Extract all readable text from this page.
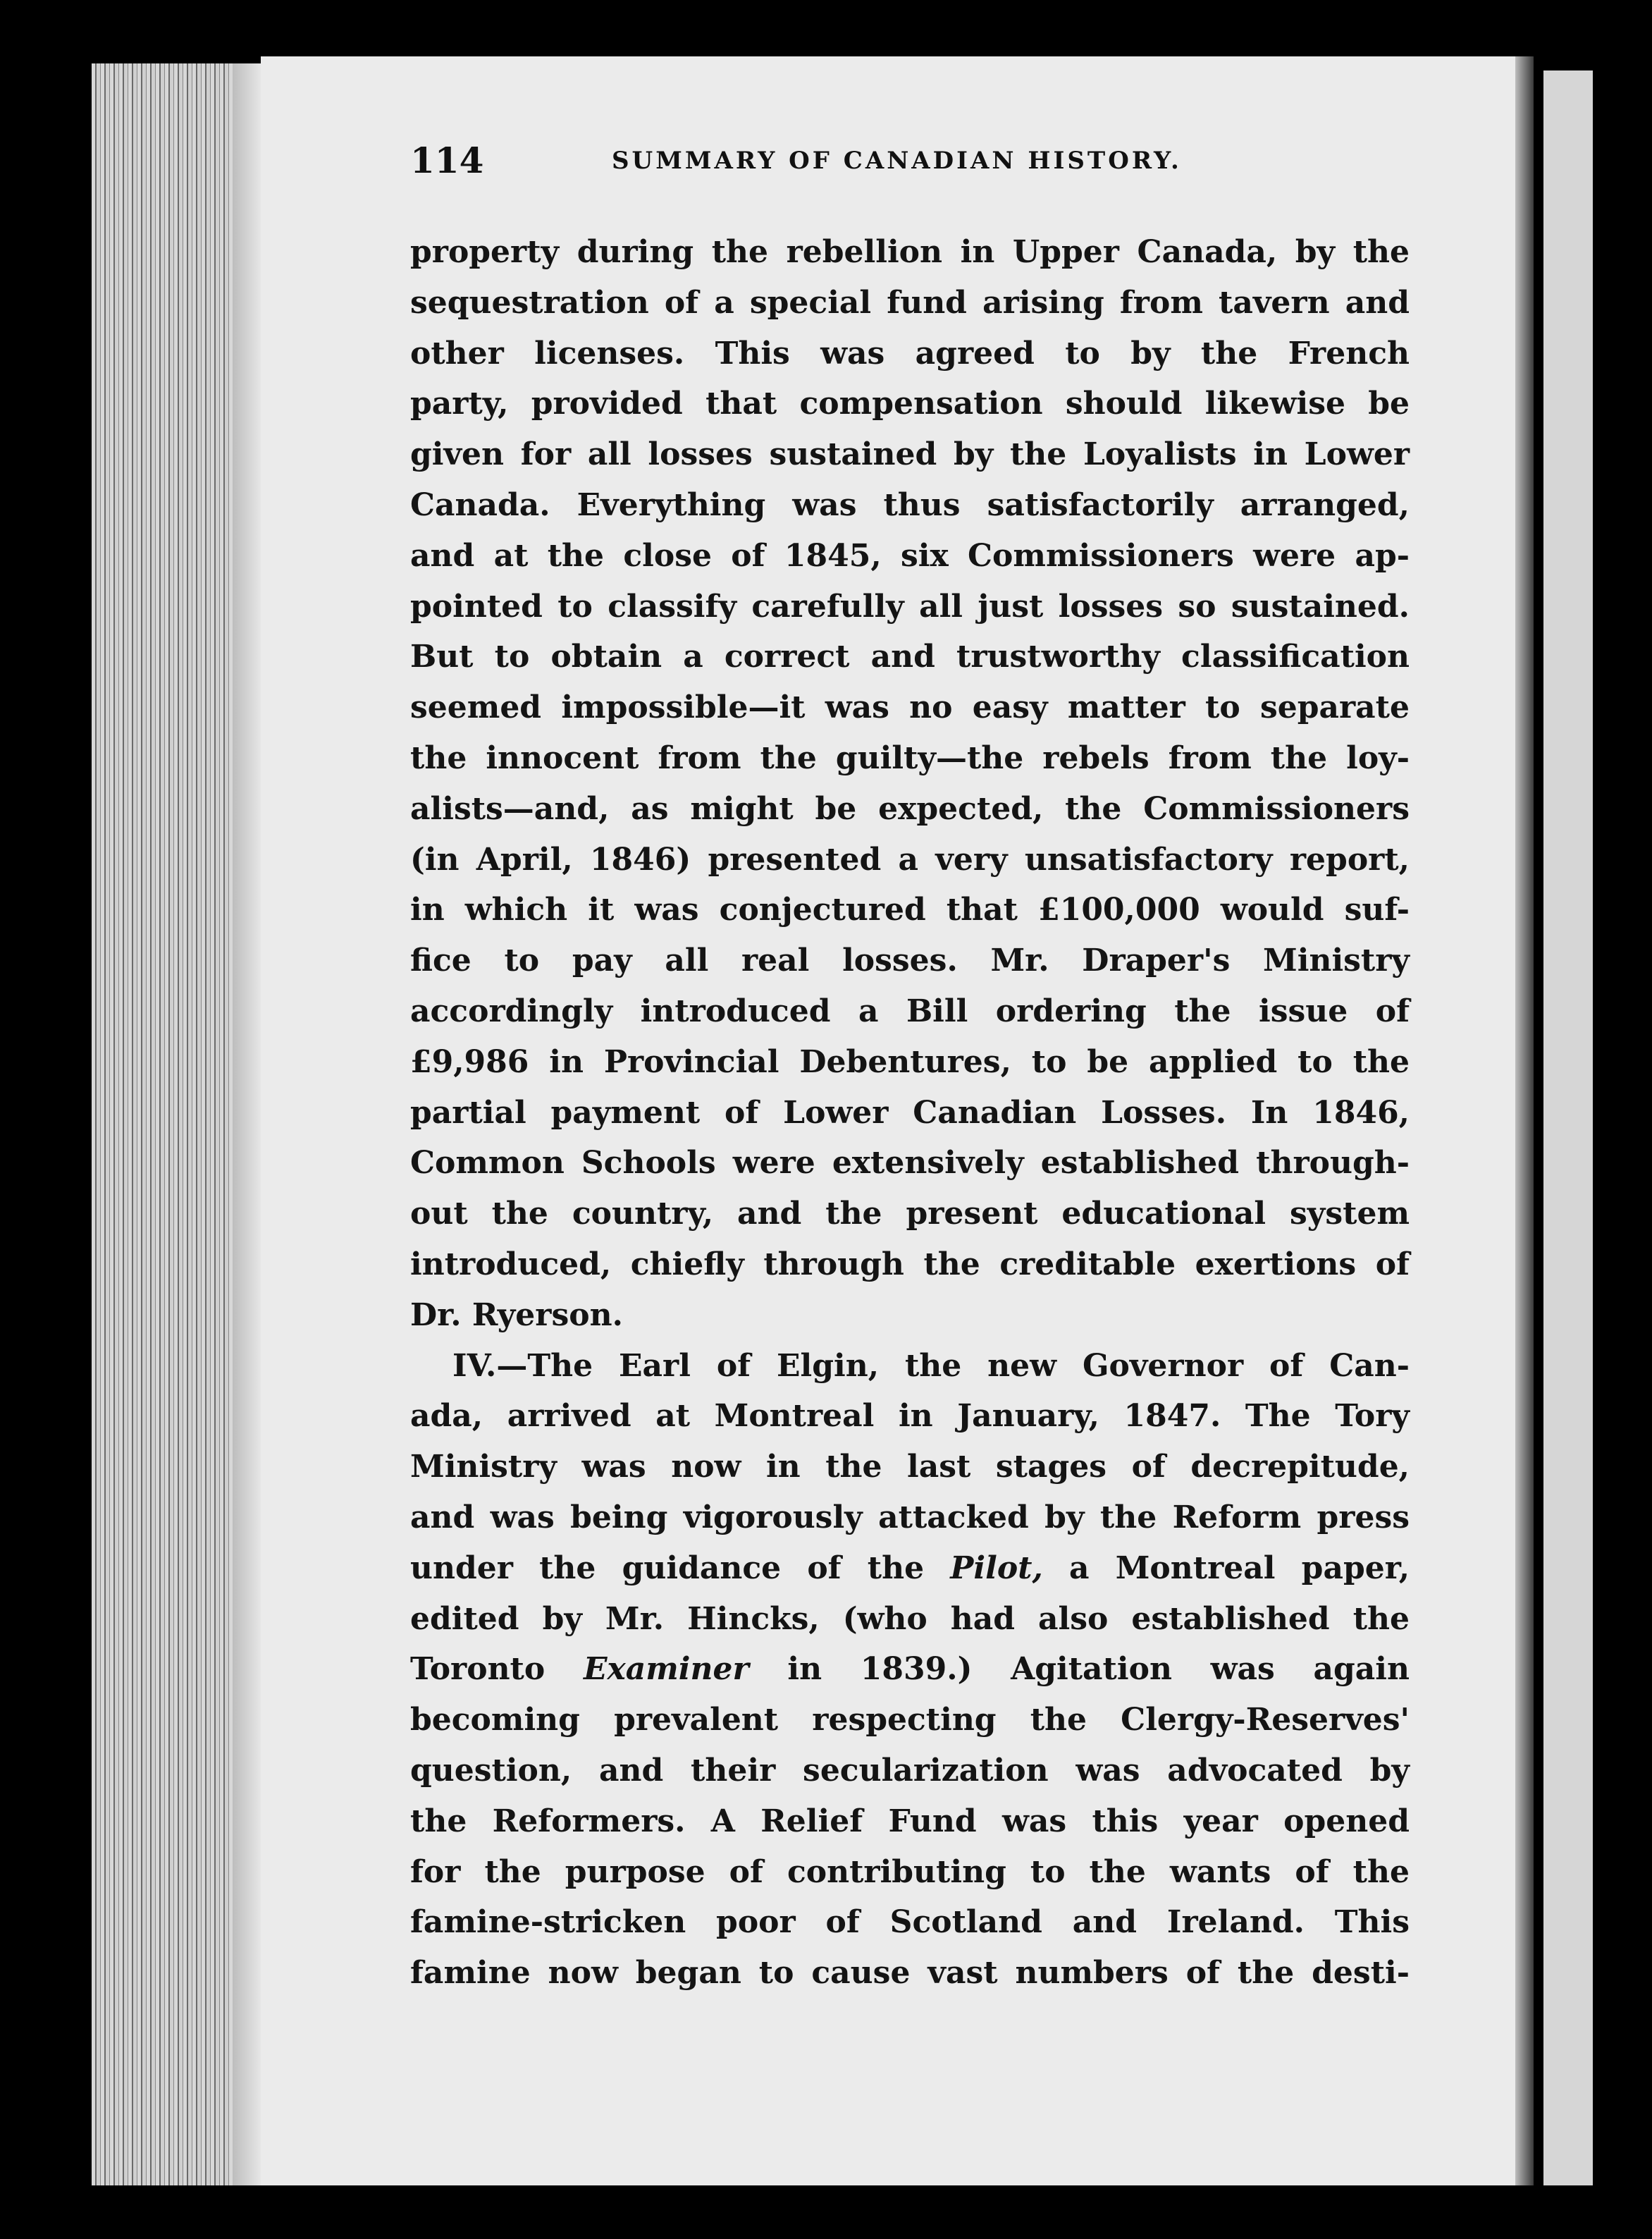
114	SUMMARY OF CANADIAN HISTORY.
property during the rebellion in Upper Canada, by the
sequestration of a special fund arising from tavern and
other licenses. This was agreed to by the French
party, provided that compensation should likewise be
given for all losses sustained by the Loyalists in Lower
Canada. Everything was thus satisfactorily arranged,
and at the close of 1845, six Commissioners were ap-
pointed to classify carefully all just losses so sustained.
But to obtain a correct and trustworthy classification
seemed impossible—it was no easy matter to separate
the innocent from the guilty—the rebels from the loy-
alists—and, as might be expected, the Commissioners
(in April, 1846) presented a very unsatisfactory report,
in which it was conjectured that £100,000 would suf-
fice to pay all real losses. Mr. Draper's Ministry
accordingly introduced a Bill ordering the issue of
£9,986 in Provincial Debentures, to be applied to the
partial payment of Lower Canadian Losses. In 1846,
Common Schools were extensively established through-
out the country, and the present educational system
introduced, chiefly through the creditable exertions of
Dr. Ryerson.
IV.—The Earl of Elgin, the new Governor of Can-
ada, arrived at Montreal in January, 1847. The Tory
Ministry was now in the last stages of decrepitude,
and was being vigorously attacked by the Reform press
under the guidance of the Pilot, a Montreal paper,
edited by Mr. Hincks, (who had also established the
Toronto Examiner in 1839.) Agitation was again
becoming prevalent respecting the Clergy-Reserves'
question, and their secularization was advocated by
the Reformers. A Relief Fund was this year opened
for the purpose of contributing to the wants of the
famine-stricken poor of Scotland and Ireland. This
famine now began to cause vast numbers of the desti-
